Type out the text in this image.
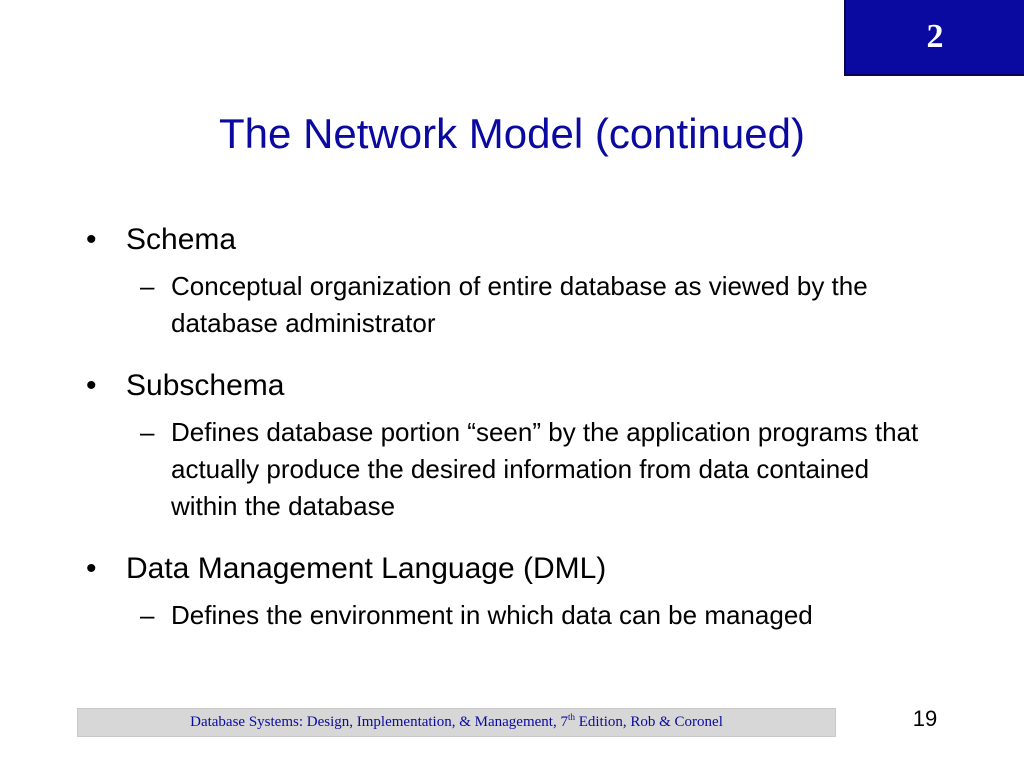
2
The Network Model (continued)
• Schema
– Conceptual organization of entire database as viewed by the database administrator
• Subschema
– Defines database portion “seen” by the application programs that actually produce the desired information from data contained within the database
• Data Management Language (DML)
– Defines the environment in which data can be managed
Database Systems: Design, Implementation, & Management, 7th Edition, Rob & Coronel	19
